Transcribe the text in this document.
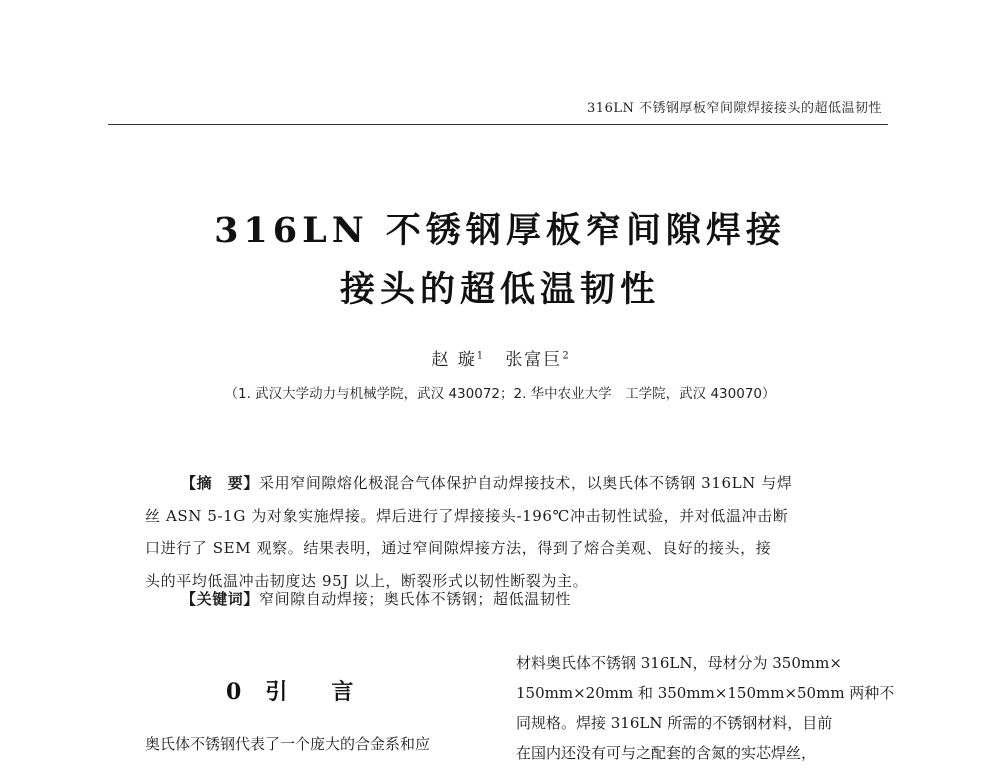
316LN 不锈钢厚板窄间隙焊接接头的超低温韧性
316LN 不锈钢厚板窄间隙焊接
接头的超低温韧性
赵 璇$^1$ 张富巨$^2$
（1. 武汉大学动力与机械学院，武汉 430072；2. 华中农业大学　工学院，武汉 430070）

【摘　要】采用窄间隙熔化极混合气体保护自动焊接技术，以奥氏体不锈钢 316LN 与焊

丝 ASN 5-1G 为对象实施焊接。焊后进行了焊接接头-196℃冲击韧性试验，并对低温冲击断

口进行了 SEM 观察。结果表明，通过窄间隙焊接方法，得到了熔合美观、良好的接头，接

头的平均低温冲击韧度达 95J 以上，断裂形式以韧性断裂为主。

【关键词】窄间隙自动焊接；奥氏体不锈钢；超低温韧性
0 引 言
奥氏体不锈钢代表了一个庞大的合金系和应
材料奥氏体不锈钢 316LN，母材分为 350mm×
150mm×20mm 和 350mm×150mm×50mm 两种不
同规格。焊接 316LN 所需的不锈钢材料，目前
在国内还没有可与之配套的含氮的实芯焊丝，
